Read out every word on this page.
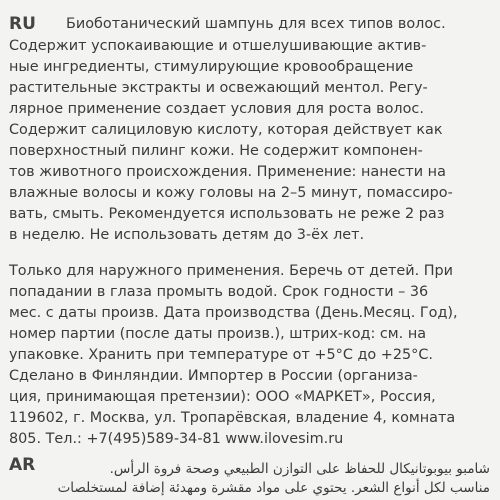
RU Биоботанический шампунь для всех типов волос.

Содержит успокаивающие и отшелушивающие актив-
ные ингредиенты, стимулирующие кровообращение
растительные экстракты и освежающий ментол. Регу-
лярное применение создает условия для роста волос.
Содержит салициловую кислоту, которая действует как
поверхностный пилинг кожи. Не содержит компонен-
тов животного происхождения. Применение: нанести на
влажные волосы и кожу головы на 2–5 минут, помассиро-
вать, смыть. Рекомендуется использовать не реже 2 раз
в неделю. Не использовать детям до 3-ёх лет.

Только для наружного применения. Беречь от детей. При
попадании в глаза промыть водой. Срок годности – 36
мес. с даты произв. Дата производства (День.Месяц. Год),
номер партии (после даты произв.), штрих-код: см. на
упаковке. Хранить при температуре от +5°C до +25°C.
Сделано в Финляндии. Импортер в России (организа-
ция, принимающая претензии): ООО «МАРКЕТ», Россия,
119602, г. Москва, ул. Тропарёвская, владение 4, комната
805. Тел.: +7(495)589-34-81 www.ilovesim.ru

AR	شامبو بيوبوتانيكال للحفاظ على التوازن الطبيعي وصحة فروة الرأس.
مناسب لكل أنواع الشعر. يحتوي على مواد مقشرة ومهدئة إضافة لمستخلصات
